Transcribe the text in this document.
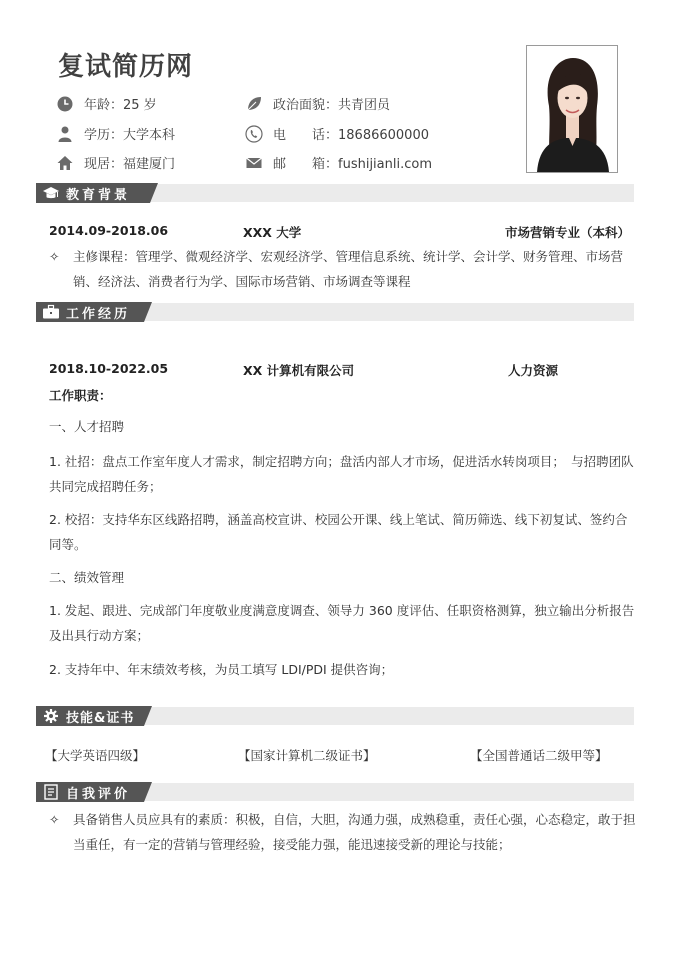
复试简历网
年龄：25 岁
学历：大学本科
现居：福建厦门
政治面貌：共青团员
电　　话：18686600000
邮　　箱：fushijianli.com
教育背景
2014.09-2018.06	XXX 大学	市场营销专业（本科）
✧ 主修课程：管理学、微观经济学、宏观经济学、管理信息系统、统计学、会计学、财务管理、市场营销、经济法、消费者行为学、国际市场营销、市场调查等课程
工作经历
2018.10-2022.05	XX 计算机有限公司	人力资源
工作职责：
一、人才招聘
1. 社招：盘点工作室年度人才需求，制定招聘方向；盘活内部人才市场，促进活水转岗项目；　与招聘团队共同完成招聘任务；
2. 校招：支持华东区线路招聘，涵盖高校宣讲、校园公开课、线上笔试、简历筛选、线下初复试、签约合同等。
二、绩效管理
1. 发起、跟进、完成部门年度敬业度满意度调查、领导力 360 度评估、任职资格测算，独立输出分析报告及出具行动方案；
2. 支持年中、年末绩效考核，为员工填写 LDI/PDI 提供咨询；
技能&证书
【大学英语四级】	【国家计算机二级证书】	【全国普通话二级甲等】
自我评价
✧ 具备销售人员应具有的素质：积极，自信，大胆，沟通力强，成熟稳重，责任心强，心态稳定，敢于担当重任，有一定的营销与管理经验，接受能力强，能迅速接受新的理论与技能；
